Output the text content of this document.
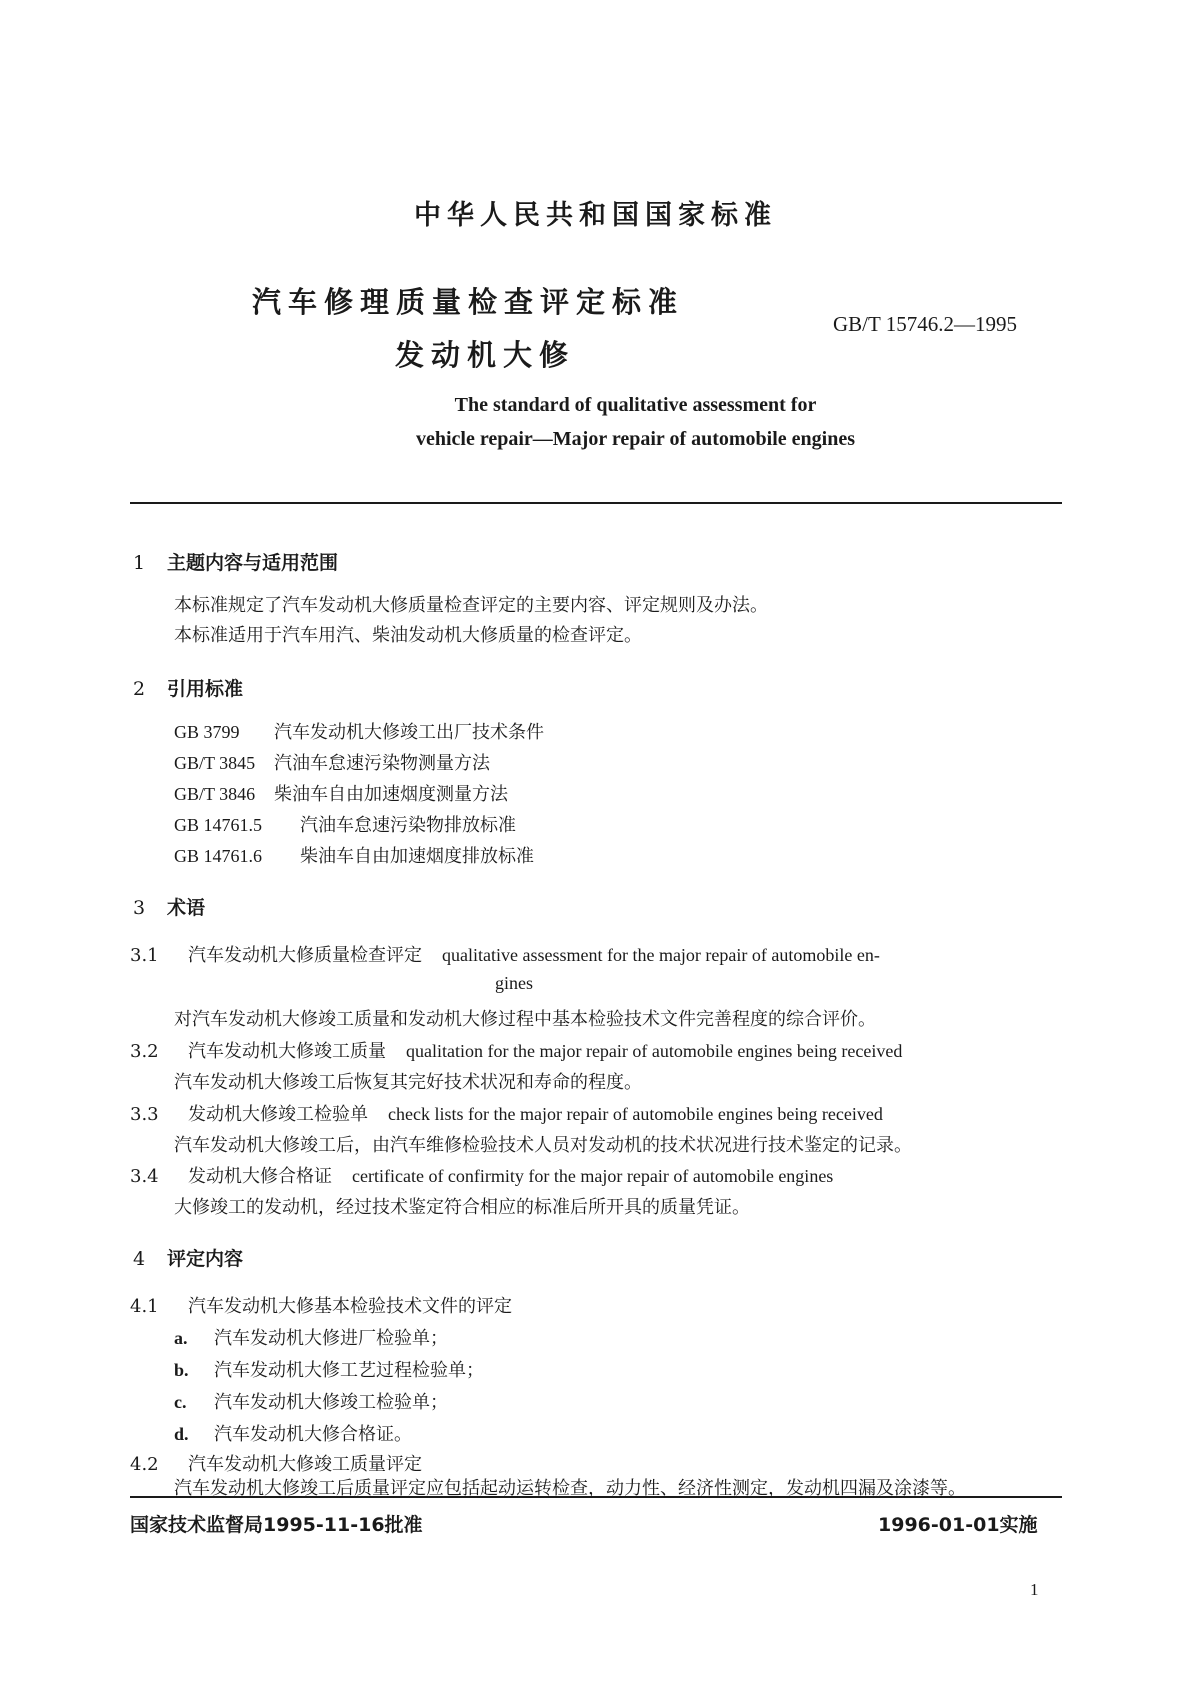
中华人民共和国国家标准
汽车修理质量检查评定标准
发动机大修
GB/T 15746.2—1995
The standard of qualitative assessment for
vehicle repair—Major repair of automobile engines
1 主题内容与适用范围
本标准规定了汽车发动机大修质量检查评定的主要内容、评定规则及办法。
本标准适用于汽车用汽、柴油发动机大修质量的检查评定。
2 引用标准
GB 3799 汽车发动机大修竣工出厂技术条件
GB/T 3845 汽油车怠速污染物测量方法
GB/T 3846 柴油车自由加速烟度测量方法
GB 14761.5 汽油车怠速污染物排放标准
GB 14761.6 柴油车自由加速烟度排放标准
3 术语
3.1 汽车发动机大修质量检查评定 qualitative assessment for the major repair of automobile en-
gines
对汽车发动机大修竣工质量和发动机大修过程中基本检验技术文件完善程度的综合评价。
3.2 汽车发动机大修竣工质量 qualitation for the major repair of automobile engines being received
汽车发动机大修竣工后恢复其完好技术状况和寿命的程度。
3.3 发动机大修竣工检验单 check lists for the major repair of automobile engines being received
汽车发动机大修竣工后，由汽车维修检验技术人员对发动机的技术状况进行技术鉴定的记录。
3.4 发动机大修合格证 certificate of confirmity for the major repair of automobile engines
大修竣工的发动机，经过技术鉴定符合相应的标准后所开具的质量凭证。
4 评定内容
4.1 汽车发动机大修基本检验技术文件的评定
a. 汽车发动机大修进厂检验单；
b. 汽车发动机大修工艺过程检验单；
c. 汽车发动机大修竣工检验单；
d. 汽车发动机大修合格证。
4.2 汽车发动机大修竣工质量评定
汽车发动机大修竣工后质量评定应包括起动运转检查，动力性、经济性测定，发动机四漏及涂漆等。
国家技术监督局1995-11-16批准	1996-01-01实施
1
